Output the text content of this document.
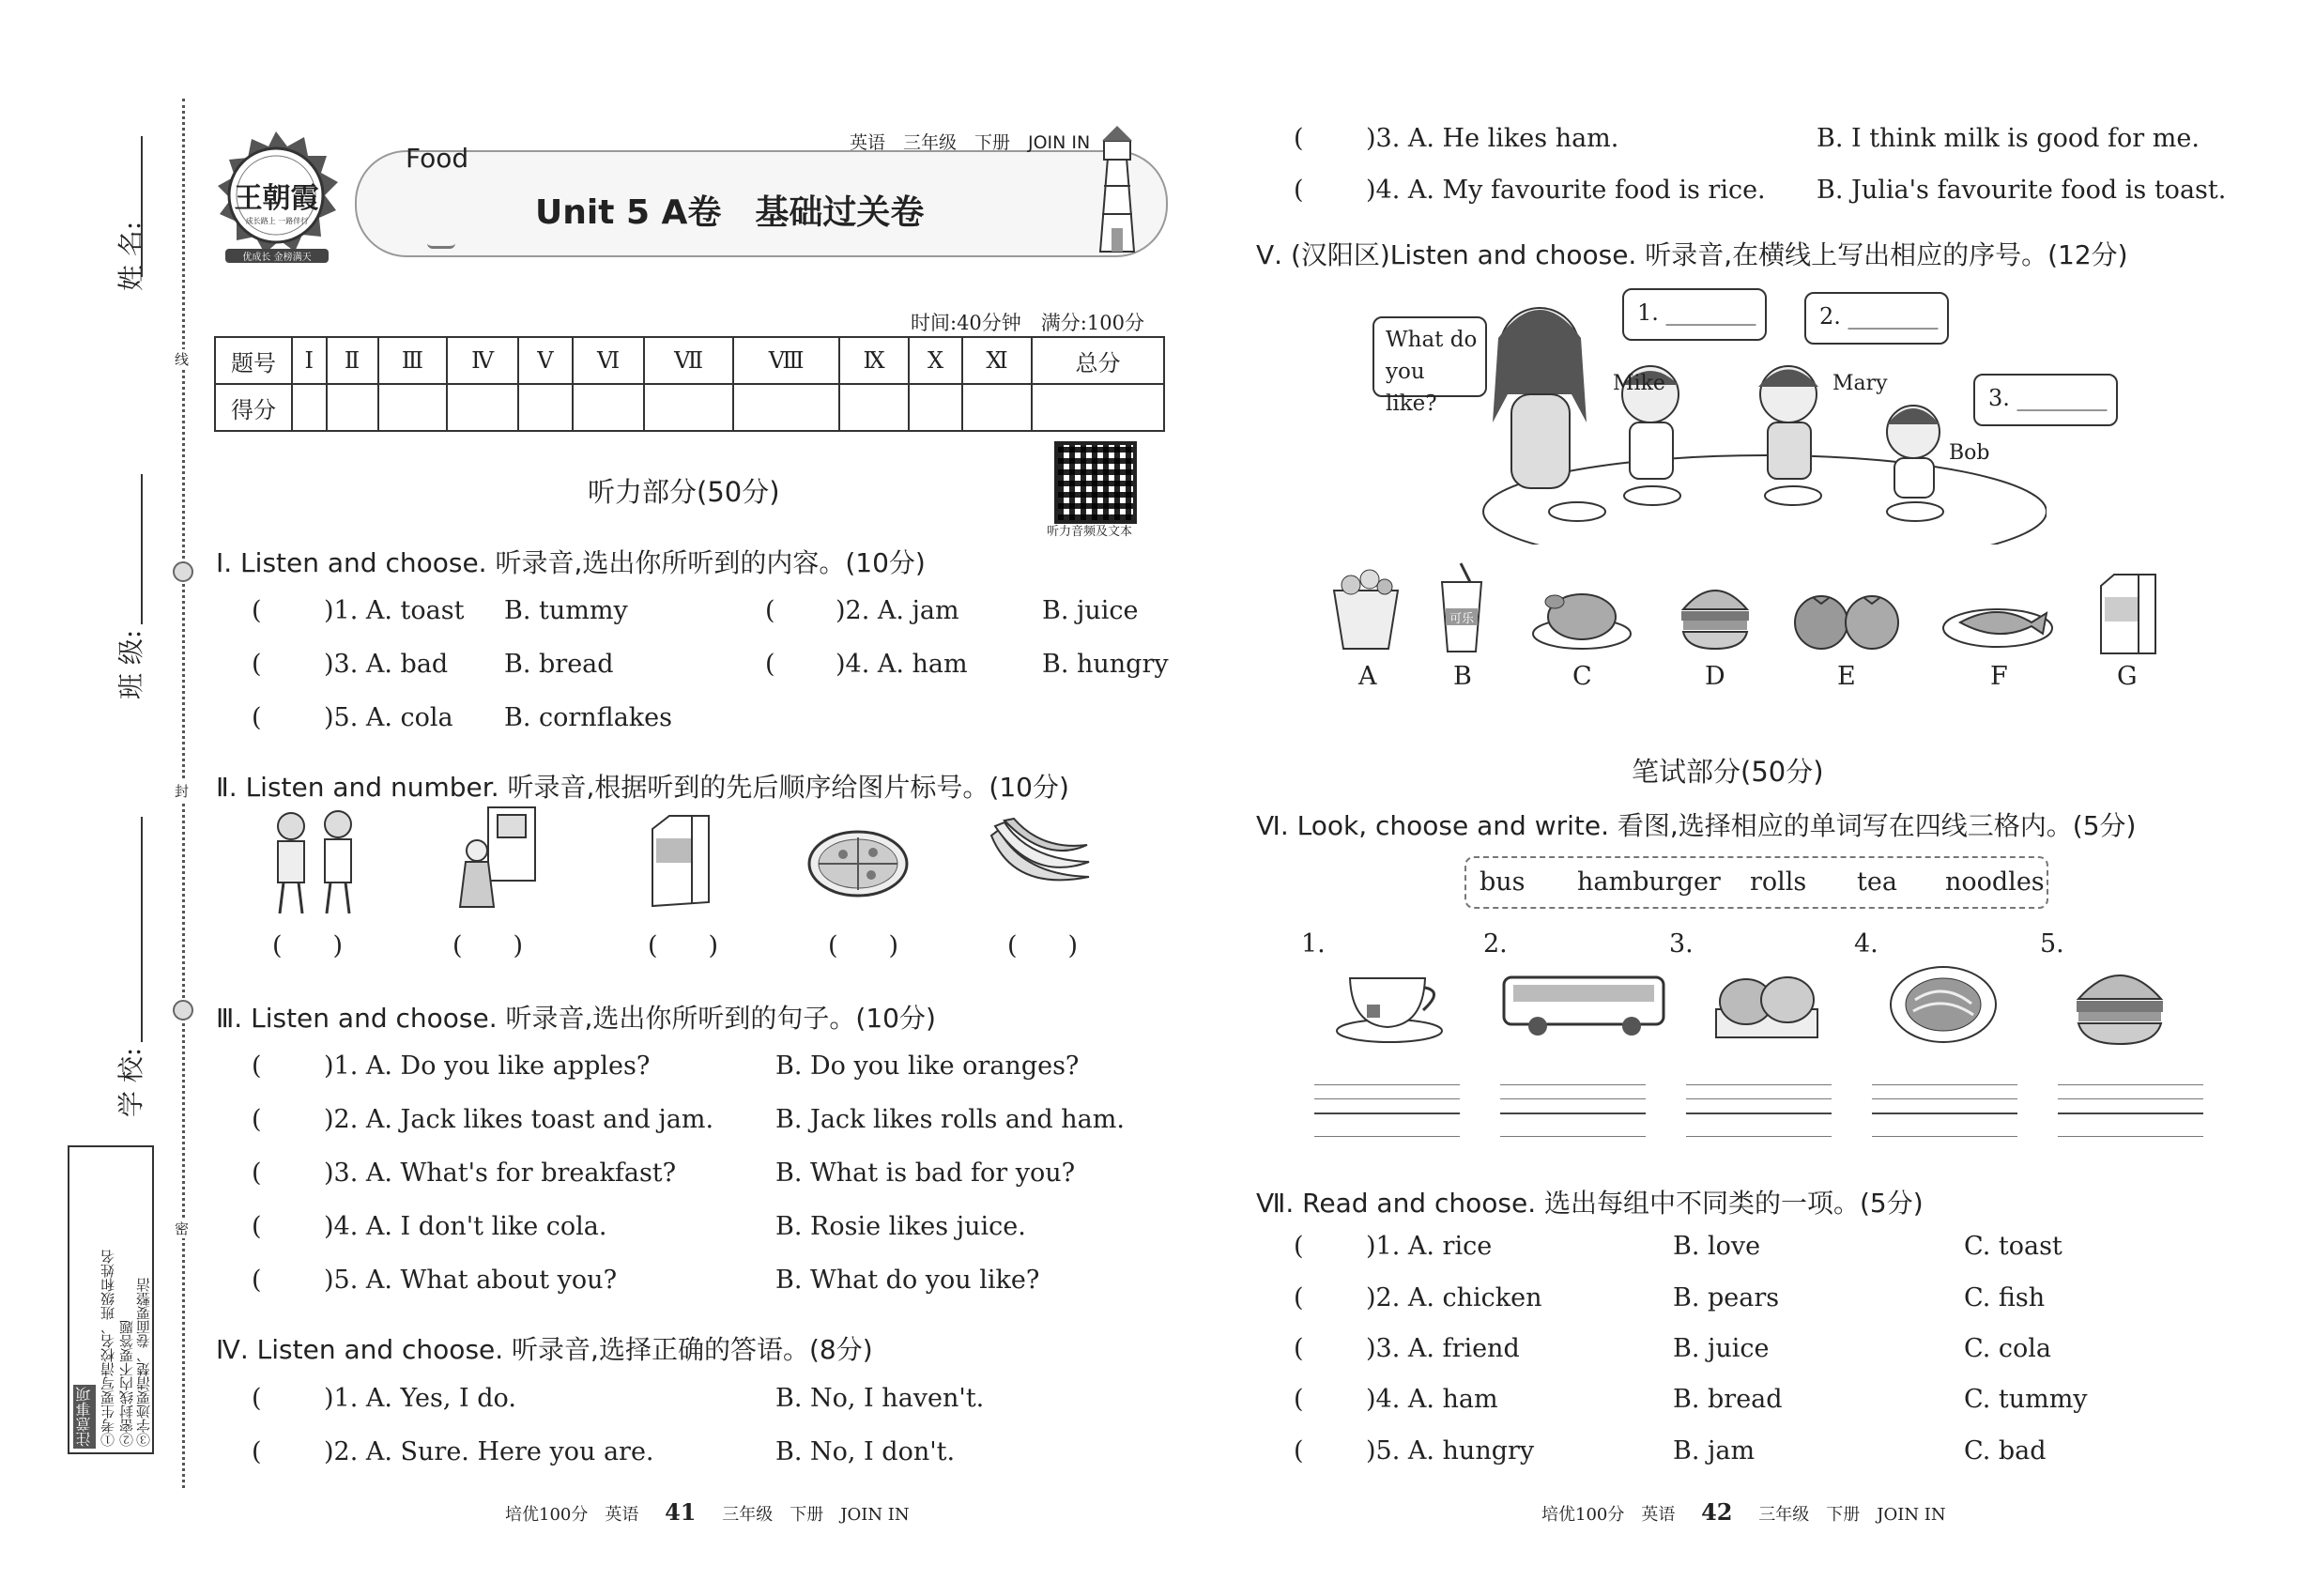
姓 名:
班 级:
学 校:
线
封
密
注意事项 ①考生要写清校名、班级和姓名 ②密封线内不要答题 ③字迹要清楚、卷面要整洁
王朝霞
成长路上 一路伴行
优成长 金榜满天
Food	英语　三年级　下册　JOIN IN
Unit 5 A卷　基础过关卷
时间:40分钟　满分:100分
题号	Ⅰ	Ⅱ	Ⅲ	Ⅳ	Ⅴ	Ⅵ	Ⅶ	Ⅷ	Ⅸ	Ⅹ	Ⅺ	总分
得分												
听力部分(50分)
听力音频及文本
Ⅰ. Listen and choose. 听录音,选出你所听到的内容。(10分)
( )1. A. toast B. tummy	( )2. A. jam	B. juice
( )3. A. bad B. bread	( )4. A. ham	B. hungry
( )5. A. cola B. cornflakes
Ⅱ. Listen and number. 听录音,根据听到的先后顺序给图片标号。(10分)
(　　)	(　　)	(　　)	(　　)	(　　)
Ⅲ. Listen and choose. 听录音,选出你所听到的句子。(10分)
( )1. A. Do you like apples?	B. Do you like oranges?
( )2. A. Jack likes toast and jam. B. Jack likes rolls and ham.
( )3. A. What's for breakfast?	B. What is bad for you?
( )4. A. I don't like cola.	B. Rosie likes juice.
( )5. A. What about you?	B. What do you like?
Ⅳ. Listen and choose. 听录音,选择正确的答语。(8分)
( )1. A. Yes, I do.	B. No, I haven't.
( )2. A. Sure. Here you are.	B. No, I don't.
培优100分　英语 41 三年级　下册　JOIN IN
( )3. A. He likes ham.	B. I think milk is good for me.
( )4. A. My favourite food is rice. B. Julia's favourite food is toast.
Ⅴ. (汉阳区)Listen and choose. 听录音,在横线上写出相应的序号。(12分)
What do you like?
1. ________	2. ________
3. ________
Mike	Mary
Bob
可乐
A	B	C	D	E	F	G
笔试部分(50分)
Ⅵ. Look, choose and write. 看图,选择相应的单词写在四线三格内。(5分)
bus hamburger rolls tea noodles
1.	2.	3.	4.	5.
Ⅶ. Read and choose. 选出每组中不同类的一项。(5分)
( )1. A. rice	B. love	C. toast
( )2. A. chicken	B. pears	C. fish
( )3. A. friend	B. juice	C. cola
( )4. A. ham	B. bread	C. tummy
( )5. A. hungry	B. jam	C. bad
培优100分　英语 42 三年级　下册　JOIN IN
